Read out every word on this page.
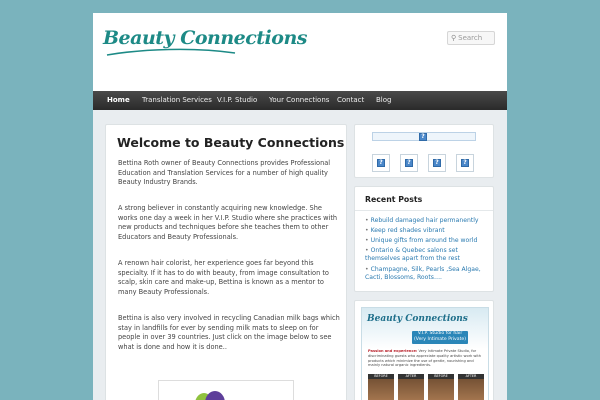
Beauty Connections	⚲ Search
Home Translation Services V.I.P. Studio Your Connections Contact Blog
Welcome to Beauty Connections

Bettina Roth owner of Beauty Connections provides Professional Education and Translation Services for a number of high quality Beauty Industry Brands.

A strong believer in constantly acquiring new knowledge. She works one day a week in her V.I.P. Studio where she practices with new products and techniques before she teaches them to other Educators and Beauty Professionals.

A renown hair colorist, her experience goes far beyond this specialty. If it has to do with beauty, from image consultation to scalp, skin care and make-up, Bettina is known as a mentor to many Beauty Professionals.

Bettina is also very involved in recycling Canadian milk bags which stay in landfills for ever by sending milk mats to sleep on for people in over 39 countries. Just click on the image below to see what is done and how it is done..

?
?	?	?	?
Recent Posts
• Rebuild damaged hair permanently
• Keep red shades vibrant
• Unique gifts from around the world
• Ontario & Quebec salons set themselves apart from the rest
• Champagne, Silk, Pearls ,Sea Algae, Cacti, Blossoms, Roots….
Beauty Connections
V.I.P. Studio for hair (Very Intimate Private)

Passion and experience: Very Intimate Private Studio, for discriminating guests who appreciate quality artistic work with products which minimize the use of gentle, nourishing and mainly natural organic ingredients.

BEFORE	AFTER	BEFORE	AFTER
